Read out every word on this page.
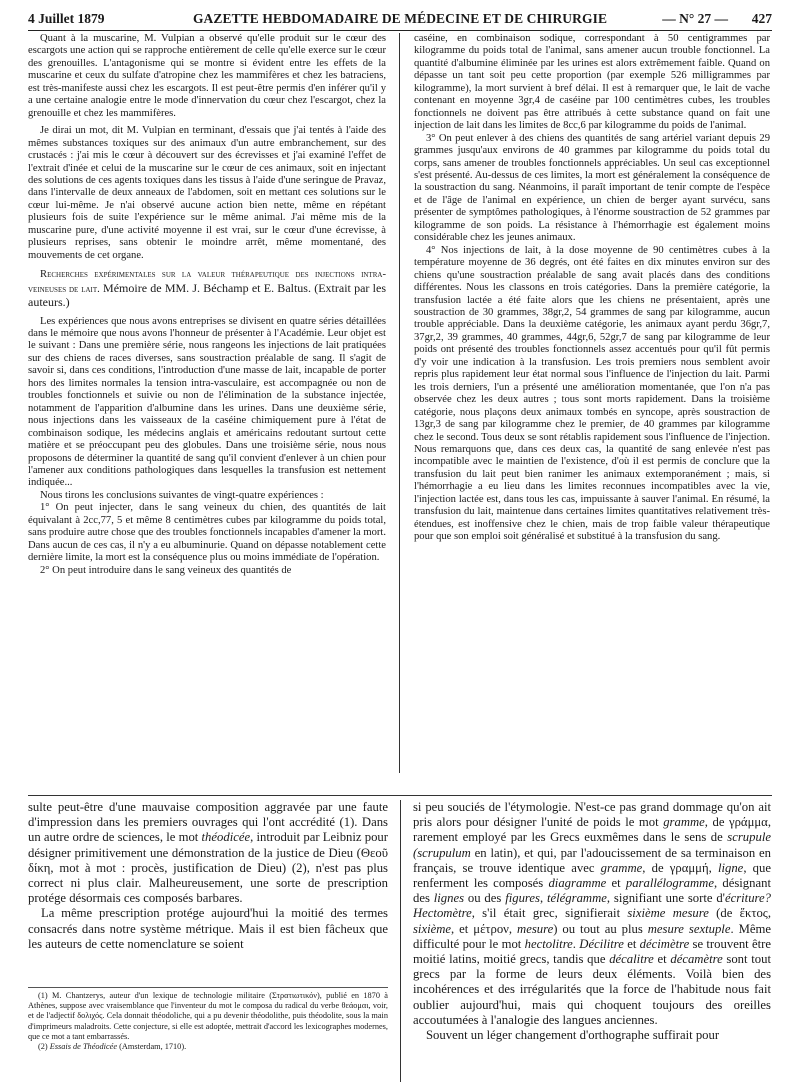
4 Juillet 1879	GAZETTE HEBDOMADAIRE DE MÉDECINE ET DE CHIRURGIE	— N° 27 — 427

Quant à la muscarine, M. Vulpian a observé qu'elle produit sur le cœur des escargots une action qui se rapproche entièrement de celle qu'elle exerce sur le cœur des grenouilles. L'antagonisme qui se montre si évident entre les effets de la muscarine et ceux du sulfate d'atropine chez les mammifères et chez les batraciens, est très-manifeste aussi chez les escargots. Il est peut-être permis d'en inférer qu'il y a une certaine analogie entre le mode d'innervation du cœur chez l'escargot, chez la grenouille et chez les mammifères.

Je dirai un mot, dit M. Vulpian en terminant, d'essais que j'ai tentés à l'aide des mêmes substances toxiques sur des animaux d'un autre embranchement, sur des crustacés : j'ai mis le cœur à découvert sur des écrevisses et j'ai examiné l'effet de l'extrait d'inée et celui de la muscarine sur le cœur de ces animaux, soit en injectant des solutions de ces agents toxiques dans les tissus à l'aide d'une seringue de Pravaz, dans l'intervalle de deux anneaux de l'abdomen, soit en mettant ces solutions sur le cœur lui-même. Je n'ai observé aucune action bien nette, même en répétant plusieurs fois de suite l'expérience sur le même animal. J'ai même mis de la muscarine pure, d'une activité moyenne il est vrai, sur le cœur d'une écrevisse, à plusieurs reprises, sans obtenir le moindre arrêt, même momentané, des mouvements de cet organe.

Recherches expérimentales sur la valeur thérapeutique des injections intra-veineuses de lait. Mémoire de MM. J. Béchamp et E. Baltus. (Extrait par les auteurs.)

Les expériences que nous avons entreprises se divisent en quatre séries détaillées dans le mémoire que nous avons l'honneur de présenter à l'Académie. Leur objet est le suivant : Dans une première série, nous rangeons les injections de lait pratiquées sur des chiens de races diverses, sans soustraction préalable de sang. Il s'agit de savoir si, dans ces conditions, l'introduction d'une masse de lait, incapable de porter hors des limites normales la tension intra-vasculaire, est accompagnée ou non de troubles fonctionnels et suivie ou non de l'élimination de la substance injectée, notamment de l'apparition d'albumine dans les urines. Dans une deuxième série, nous injections dans les vaisseaux de la caséine chimiquement pure à l'état de combinaison sodique, les médecins anglais et américains redoutant surtout cette matière et se préoccupant peu des globules. Dans une troisième série, nous nous proposons de déterminer la quantité de sang qu'il convient d'enlever à un chien pour l'amener aux conditions pathologiques dans lesquelles la transfusion est nettement indiquée...

Nous tirons les conclusions suivantes de vingt-quatre expériences :

1° On peut injecter, dans le sang veineux du chien, des quantités de lait équivalant à 2cc,77, 5 et même 8 centimètres cubes par kilogramme du poids total, sans produire autre chose que des troubles fonctionnels incapables d'amener la mort. Dans aucun de ces cas, il n'y a eu albuminurie. Quand on dépasse notablement cette dernière limite, la mort est la conséquence plus ou moins immédiate de l'opération.

2° On peut introduire dans le sang veineux des quantités de

caséine, en combinaison sodique, correspondant à 50 centigrammes par kilogramme du poids total de l'animal, sans amener aucun trouble fonctionnel. La quantité d'albumine éliminée par les urines est alors extrêmement faible. Quand on dépasse un tant soit peu cette proportion (par exemple 526 milligrammes par kilogramme), la mort survient à bref délai. Il est à remarquer que, le lait de vache contenant en moyenne 3gr,4 de caséine par 100 centimètres cubes, les troubles fonctionnels ne doivent pas être attribués à cette substance quand on fait une injection de lait dans les limites de 8cc,6 par kilogramme du poids de l'animal.

3° On peut enlever à des chiens des quantités de sang artériel variant depuis 29 grammes jusqu'aux environs de 40 grammes par kilogramme du poids total du corps, sans amener de troubles fonctionnels appréciables. Un seul cas exceptionnel s'est présenté. Au-dessus de ces limites, la mort est généralement la conséquence de la soustraction du sang. Néanmoins, il paraît important de tenir compte de l'espèce et de l'âge de l'animal en expérience, un chien de berger ayant survécu, sans présenter de symptômes pathologiques, à l'énorme soustraction de 52 grammes par kilogramme de son poids. La résistance à l'hémorrhagie est également moins considérable chez les jeunes animaux.

4° Nos injections de lait, à la dose moyenne de 90 centimètres cubes à la température moyenne de 36 degrés, ont été faites en dix minutes environ sur des chiens qu'une soustraction préalable de sang avait placés dans des conditions différentes. Nous les classons en trois catégories. Dans la première catégorie, la transfusion lactée a été faite alors que les chiens ne présentaient, après une soustraction de 30 grammes, 38gr,2, 54 grammes de sang par kilogramme, aucun trouble appréciable. Dans la deuxième catégorie, les animaux ayant perdu 36gr,7, 37gr,2, 39 grammes, 40 grammes, 44gr,6, 52gr,7 de sang par kilogramme de leur poids ont présenté des troubles fonctionnels assez accentués pour qu'il fût permis d'y voir une indication à la transfusion. Les trois premiers nous semblent avoir repris plus rapidement leur état normal sous l'influence de l'injection du lait. Parmi les trois derniers, l'un a présenté une amélioration momentanée, que l'on n'a pas observée chez les deux autres ; tous sont morts rapidement. Dans la troisième catégorie, nous plaçons deux animaux tombés en syncope, après soustraction de 13gr,3 de sang par kilogramme chez le premier, de 40 grammes par kilogramme chez le second. Tous deux se sont rétablis rapidement sous l'influence de l'injection. Nous remarquons que, dans ces deux cas, la quantité de sang enlevée n'est pas incompatible avec le maintien de l'existence, d'où il est permis de conclure que la transfusion du lait peut bien ranimer les animaux extemporanément ; mais, si l'hémorrhagie a eu lieu dans les limites reconnues incompatibles avec la vie, l'injection lactée est, dans tous les cas, impuissante à sauver l'animal. En résumé, la transfusion du lait, maintenue dans certaines limites quantitatives relativement très-étendues, est inoffensive chez le chien, mais de trop faible valeur thérapeutique pour que son emploi soit généralisé et substitué à la transfusion du sang.

sulte peut-être d'une mauvaise composition aggravée par une faute d'impression dans les premiers ouvrages qui l'ont accrédité (1). Dans un autre ordre de sciences, le mot théodicée, introduit par Leibniz pour désigner primitivement une démonstration de la justice de Dieu (Θεοῦ δίκη, mot à mot : procès, justification de Dieu) (2), n'est pas plus correct ni plus clair. Malheureusement, une sorte de prescription protége désormais ces composés barbares.

La même prescription protége aujourd'hui la moitié des termes consacrés dans notre système métrique. Mais il est bien fâcheux que les auteurs de cette nomenclature se soient

(1) M. Chantzerys, auteur d'un lexique de technologie militaire (Στρατιωτικόν), publié en 1870 à Athènes, suppose avec vraisemblance que l'inventeur du mot le composa du radical du verbe θεάομαι, voir, et de l'adjectif δολιχός. Cela donnait théodoliche, qui a pu devenir théodolithe, puis théodolite, sous la main d'imprimeurs maladroits. Cette conjecture, si elle est adoptée, mettrait d'accord les lexicographes modernes, que ce mot a tant embarrassés.

(2) Essais de Théodicée (Amsterdam, 1710).

si peu souciés de l'étymologie. N'est-ce pas grand dommage qu'on ait pris alors pour désigner l'unité de poids le mot gramme, de γράμμα, rarement employé par les Grecs euxmêmes dans le sens de scrupule (scrupulum en latin), et qui, par l'adoucissement de sa terminaison en français, se trouve identique avec gramme, de γραμμή, ligne, que renferment les composés diagramme et parallélogramme, désignant des lignes ou des figures, télégramme, signifiant une sorte d'écriture? Hectomètre, s'il était grec, signifierait sixième mesure (de ἕκτος, sixième, et μέτρον, mesure) ou tout au plus mesure sextuple. Même difficulté pour le mot hectolitre. Décilitre et décimètre se trouvent être moitié latins, moitié grecs, tandis que décalitre et décamètre sont tout grecs par la forme de leurs deux éléments. Voilà bien des incohérences et des irrégularités que la force de l'habitude nous fait oublier aujourd'hui, mais qui choquent toujours des oreilles accoutumées à l'analogie des langues anciennes.

Souvent un léger changement d'orthographe suffirait pour
